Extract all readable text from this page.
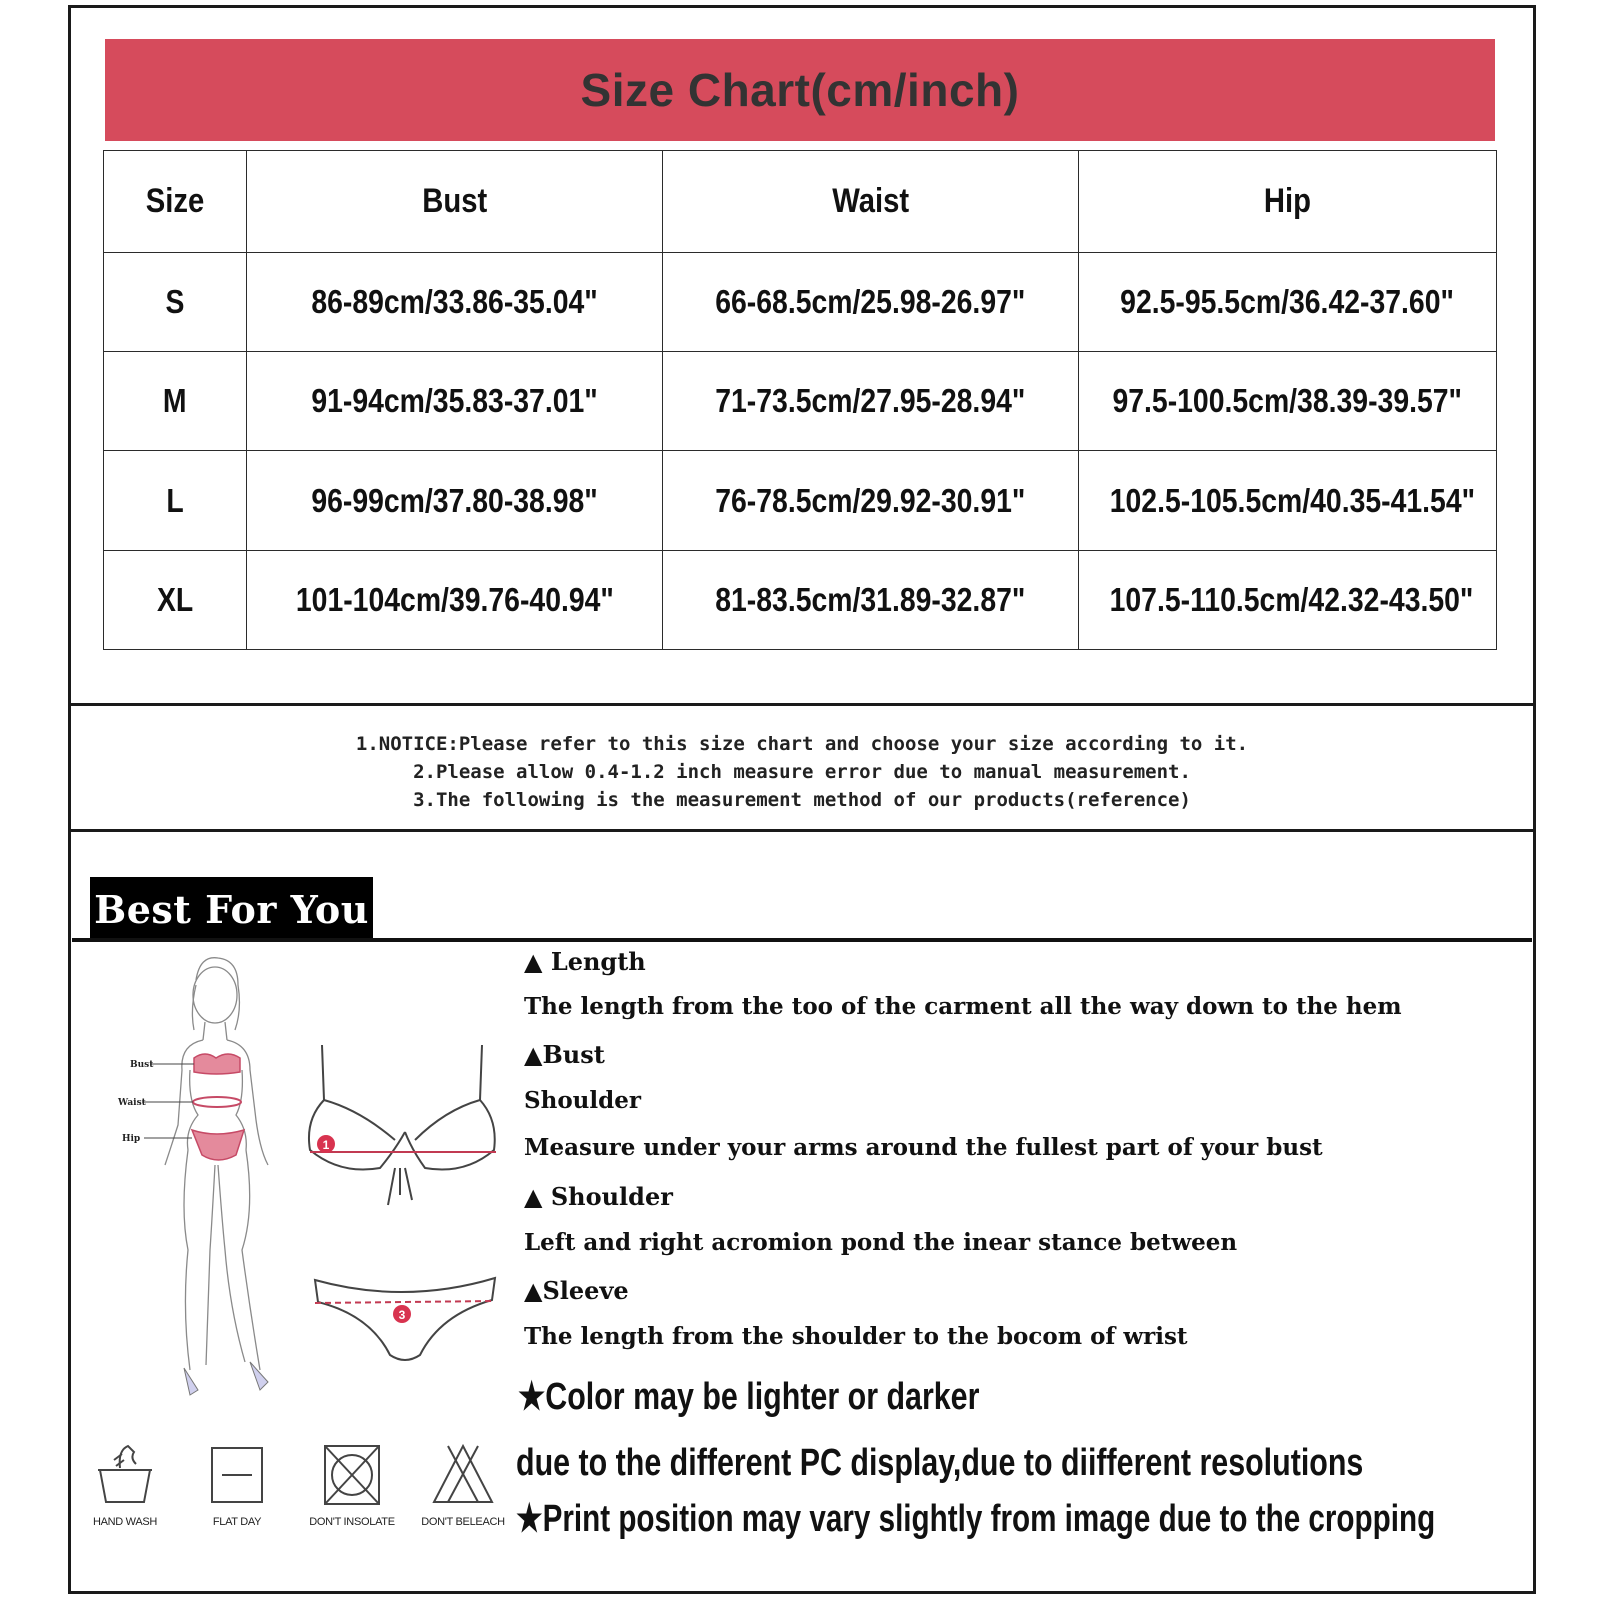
Size Chart(cm/inch)
Size	Bust	Waist	Hip
S	86-89cm/33.86-35.04"	66-68.5cm/25.98-26.97"	92.5-95.5cm/36.42-37.60"
M	91-94cm/35.83-37.01"	71-73.5cm/27.95-28.94"	97.5-100.5cm/38.39-39.57"
L	96-99cm/37.80-38.98"	76-78.5cm/29.92-30.91"	102.5-105.5cm/40.35-41.54"
XL	101-104cm/39.76-40.94"	81-83.5cm/31.89-32.87"	107.5-110.5cm/42.32-43.50"
1.NOTICE:Please refer to this size chart and choose your size according to it.
2.Please allow 0.4-1.2 inch measure error due to manual measurement.
3.The following is the measurement method of our products(reference)
Best For You
Bust
Waist
Hip	1
3
▲ Length
The length from the too of the carment all the way down to the hem
▲Bust
Shoulder
Measure under your arms around the fullest part of your bust
▲ Shoulder
Left and right acromion pond the inear stance between
▲Sleeve
The length from the shoulder to the bocom of wrist
★Color may be lighter or darker
due to the different PC display,due to diifferent resolutions
★Print position may vary slightly from image due to the cropping
HAND WASH	FLAT DAY	DON'T INSOLATE	DON'T BELEACH
